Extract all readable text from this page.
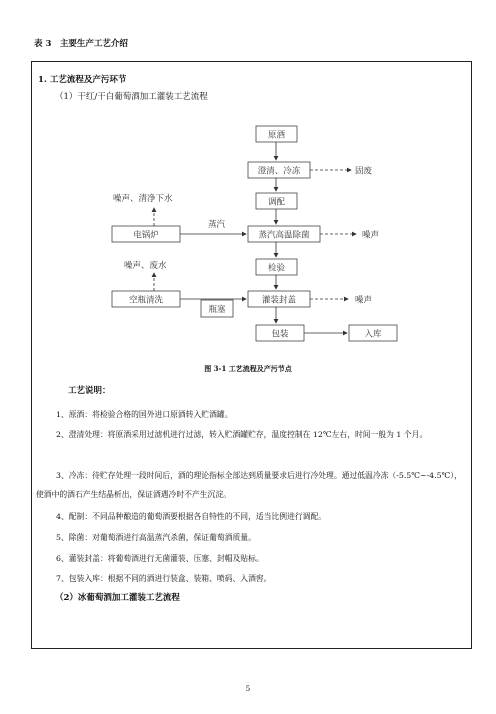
表 3　主要生产工艺介绍
1. 工艺流程及产污环节
（1）干红/干白葡萄酒加工灌装工艺流程
原酒
澄清、冷冻	固废
调配
电锅炉
蒸汽
蒸汽高温除菌	噪声
噪声、清净下水
检验
噪声、废水
空瓶清洗
瓶塞
灌装封盖	噪声
包装	入库
图 3-1 工艺流程及产污节点
工艺说明：
1、原酒：将检验合格的国外进口原酒转入贮酒罐。
2、澄清处理：将原酒采用过滤机进行过滤，转入贮酒罐贮存，温度控制在 12℃左右，时间一般为 1 个月。
3、冷冻：待贮存处理一段时间后，酒的理论指标全部达到质量要求后进行冷处理。通过低温冷冻（-5.5℃~-4.5℃），使酒中的酒石产生结晶析出，保证酒遇冷时不产生沉淀。
4、配制：不同品种酿造的葡萄酒要根据各自特性的不同，适当比例进行调配。
5、除菌：对葡萄酒进行高温蒸汽杀菌，保证葡萄酒质量。
6、灌装封盖：将葡萄酒进行无菌灌装、压塞、封帽及贴标。
7、包装入库：根据不同的酒进行装盒、装箱、喷码、入酒窖。
（2）冰葡萄酒加工灌装工艺流程
5
